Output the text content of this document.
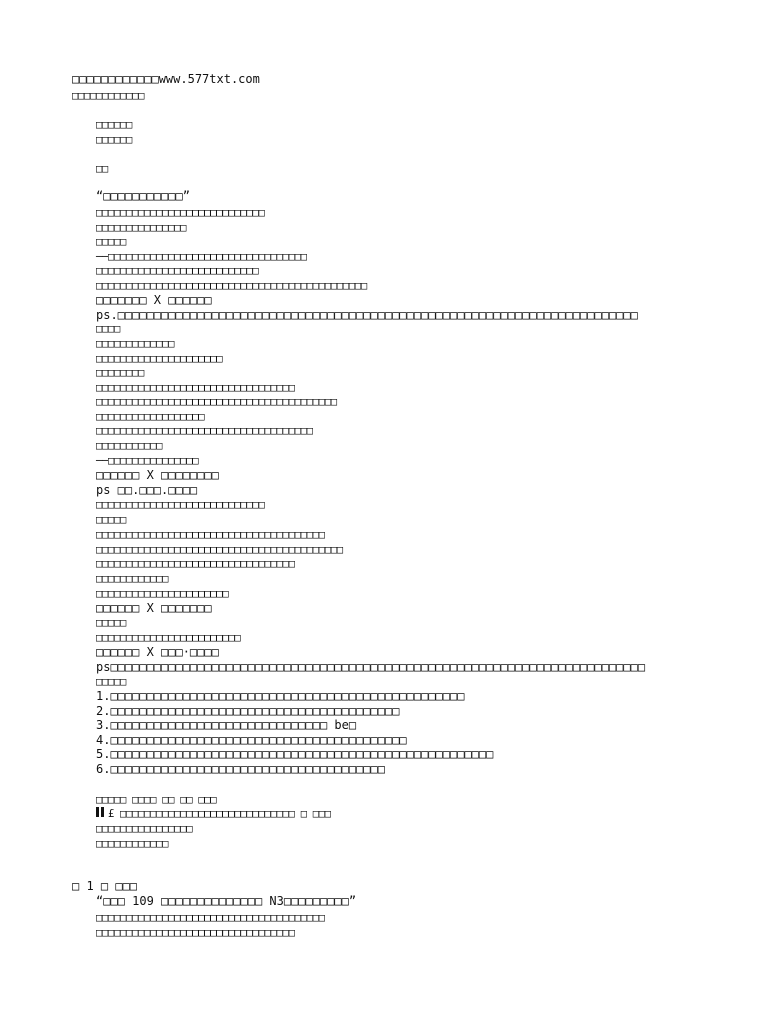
□□□□□□□□□□□□www.577txt.com
□□□□□□□□□□□□
□□□□□□
□□□□□□
□□
“□□□□□□□□□□□”
□□□□□□□□□□□□□□□□□□□□□□□□□□□□
□□□□□□□□□□□□□□□
□□□□□
──□□□□□□□□□□□□□□□□□□□□□□□□□□□□□□□□□
□□□□□□□□□□□□□□□□□□□□□□□□□□□
□□□□□□□□□□□□□□□□□□□□□□□□□□□□□□□□□□□□□□□□□□□□□
□□□□□□□ X □□□□□□
ps.□□□□□□□□□□□□□□□□□□□□□□□□□□□□□□□□□□□□□□□□□□□□□□□□□□□□□□□□□□□□□□□□□□□□□□□□
□□□□
□□□□□□□□□□□□□
□□□□□□□□□□□□□□□□□□□□□
□□□□□□□□
□□□□□□□□□□□□□□□□□□□□□□□□□□□□□□□□□
□□□□□□□□□□□□□□□□□□□□□□□□□□□□□□□□□□□□□□□□
□□□□□□□□□□□□□□□□□□
□□□□□□□□□□□□□□□□□□□□□□□□□□□□□□□□□□□□
□□□□□□□□□□□
──□□□□□□□□□□□□□□□
□□□□□□ X □□□□□□□□
ps □□.□□□.□□□□
□□□□□□□□□□□□□□□□□□□□□□□□□□□□
□□□□□
□□□□□□□□□□□□□□□□□□□□□□□□□□□□□□□□□□□□□□
□□□□□□□□□□□□□□□□□□□□□□□□□□□□□□□□□□□□□□□□□
□□□□□□□□□□□□□□□□□□□□□□□□□□□□□□□□□
□□□□□□□□□□□□
□□□□□□□□□□□□□□□□□□□□□□
□□□□□□ X □□□□□□□
□□□□□
□□□□□□□□□□□□□□□□□□□□□□□□
□□□□□□ X □□□·□□□□
ps□□□□□□□□□□□□□□□□□□□□□□□□□□□□□□□□□□□□□□□□□□□□□□□□□□□□□□□□□□□□□□□□□□□□□□□□□□
□□□□□
1.□□□□□□□□□□□□□□□□□□□□□□□□□□□□□□□□□□□□□□□□□□□□□□□□□
2.□□□□□□□□□□□□□□□□□□□□□□□□□□□□□□□□□□□□□□□□
3.□□□□□□□□□□□□□□□□□□□□□□□□□□□□□□ be□
4.□□□□□□□□□□□□□□□□□□□□□□□□□□□□□□□□□□□□□□□□□
5.□□□□□□□□□□□□□□□□□□□□□□□□□□□□□□□□□□□□□□□□□□□□□□□□□□□□□
6.□□□□□□□□□□□□□□□□□□□□□□□□□□□□□□□□□□□□□□
□□□□□ □□□□ □□ □□ □□□
£ □□□□□□□□□□□□□□□□□□□□□□□□□□□□□ □ □□□
□□□□□□□□□□□□□□□□
□□□□□□□□□□□□
□ 1 □ □□□
“□□□ 109 □□□□□□□□□□□□□□ N3□□□□□□□□□”
□□□□□□□□□□□□□□□□□□□□□□□□□□□□□□□□□□□□□□
□□□□□□□□□□□□□□□□□□□□□□□□□□□□□□□□□
